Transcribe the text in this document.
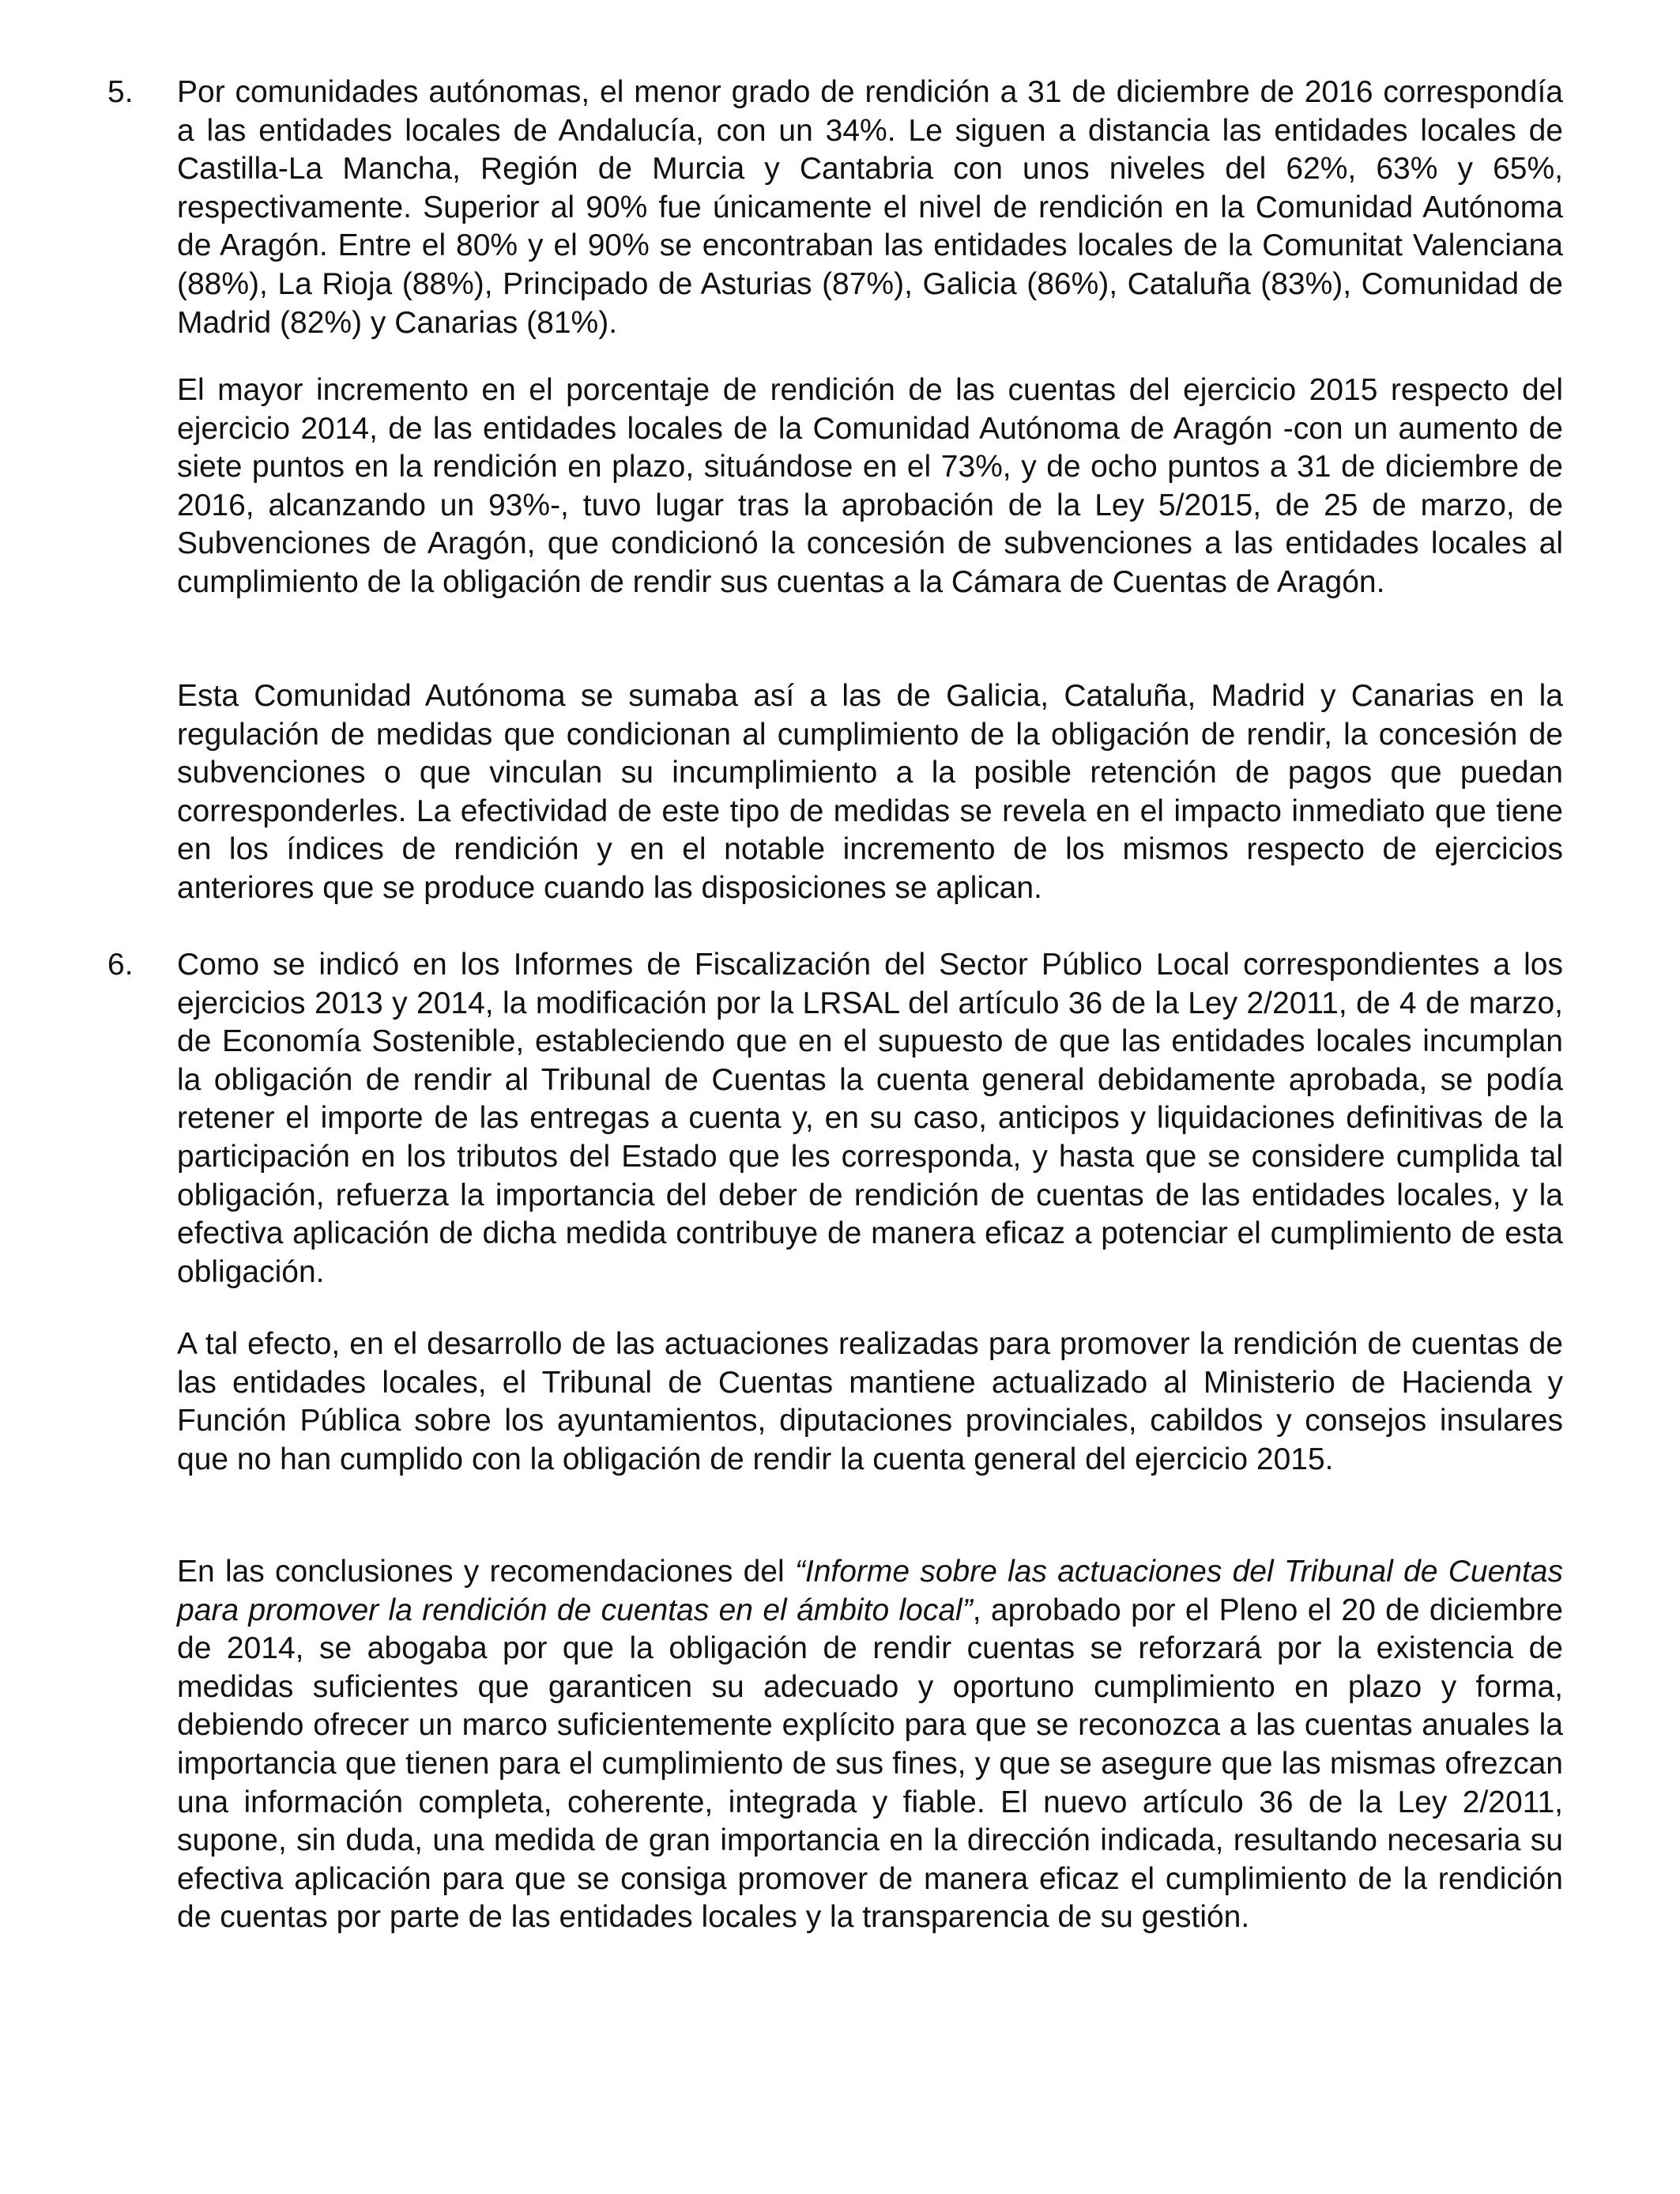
5.	Por comunidades autónomas, el menor grado de rendición a 31 de diciembre de 2016 correspondía a las entidades locales de Andalucía, con un 34%. Le siguen a distancia las entidades locales de Castilla-La Mancha, Región de Murcia y Cantabria con unos niveles del 62%, 63% y 65%, respectivamente. Superior al 90% fue únicamente el nivel de rendición en la Comunidad Autónoma de Aragón. Entre el 80% y el 90% se encontraban las entidades locales de la Comunitat Valenciana (88%), La Rioja (88%), Principado de Asturias (87%), Galicia (86%), Cataluña (83%), Comunidad de Madrid (82%) y Canarias (81%).

El mayor incremento en el porcentaje de rendición de las cuentas del ejercicio 2015 respecto del ejercicio 2014, de las entidades locales de la Comunidad Autónoma de Aragón -con un aumento de siete puntos en la rendición en plazo, situándose en el 73%, y de ocho puntos a 31 de diciembre de 2016, alcanzando un 93%-, tuvo lugar tras la aprobación de la Ley 5/2015, de 25 de marzo, de Subvenciones de Aragón, que condicionó la concesión de subvenciones a las entidades locales al cumplimiento de la obligación de rendir sus cuentas a la Cámara de Cuentas de Aragón.

Esta Comunidad Autónoma se sumaba así a las de Galicia, Cataluña, Madrid y Canarias en la regulación de medidas que condicionan al cumplimiento de la obligación de rendir, la concesión de subvenciones o que vinculan su incumplimiento a la posible retención de pagos que puedan corresponderles. La efectividad de este tipo de medidas se revela en el impacto inmediato que tiene en los índices de rendición y en el notable incremento de los mismos respecto de ejercicios anteriores que se produce cuando las disposiciones se aplican.

6.	Como se indicó en los Informes de Fiscalización del Sector Público Local correspondientes a los ejercicios 2013 y 2014, la modificación por la LRSAL del artículo 36 de la Ley 2/2011, de 4 de marzo, de Economía Sostenible, estableciendo que en el supuesto de que las entidades locales incumplan la obligación de rendir al Tribunal de Cuentas la cuenta general debidamente aprobada, se podía retener el importe de las entregas a cuenta y, en su caso, anticipos y liquidaciones definitivas de la participación en los tributos del Estado que les corresponda, y hasta que se considere cumplida tal obligación, refuerza la importancia del deber de rendición de cuentas de las entidades locales, y la efectiva aplicación de dicha medida contribuye de manera eficaz a potenciar el cumplimiento de esta obligación.

A tal efecto, en el desarrollo de las actuaciones realizadas para promover la rendición de cuentas de las entidades locales, el Tribunal de Cuentas mantiene actualizado al Ministerio de Hacienda y Función Pública sobre los ayuntamientos, diputaciones provinciales, cabildos y consejos insulares que no han cumplido con la obligación de rendir la cuenta general del ejercicio 2015.

En las conclusiones y recomendaciones del “Informe sobre las actuaciones del Tribunal de Cuentas para promover la rendición de cuentas en el ámbito local”, aprobado por el Pleno el 20 de diciembre de 2014, se abogaba por que la obligación de rendir cuentas se reforzará por la existencia de medidas suficientes que garanticen su adecuado y oportuno cumplimiento en plazo y forma, debiendo ofrecer un marco suficientemente explícito para que se reconozca a las cuentas anuales la importancia que tienen para el cumplimiento de sus fines, y que se asegure que las mismas ofrezcan una información completa, coherente, integrada y fiable. El nuevo artículo 36 de la Ley 2/2011, supone, sin duda, una medida de gran importancia en la dirección indicada, resultando necesaria su efectiva aplicación para que se consiga promover de manera eficaz el cumplimiento de la rendición de cuentas por parte de las entidades locales y la transparencia de su gestión.
